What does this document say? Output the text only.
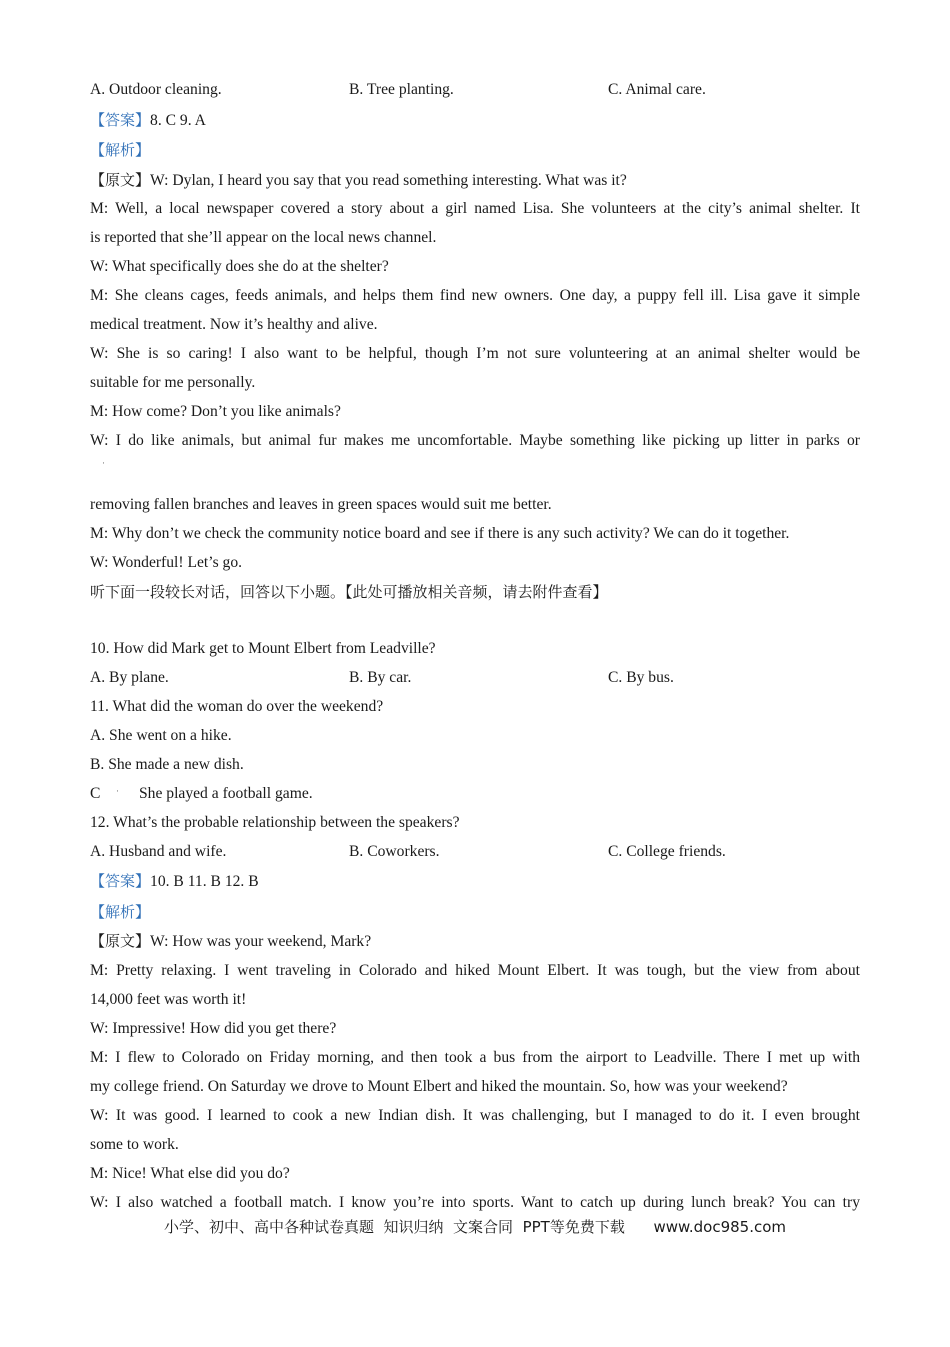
A. Outdoor cleaning.	B. Tree planting.	C. Animal care.
【答案】8. C 9. A
【解析】
【原文】W: Dylan, I heard you say that you read something interesting. What was it?
M: Well, a local newspaper covered a story about a girl named Lisa. She volunteers at the city’s animal shelter. It
is reported that she’ll appear on the local news channel.
W: What specifically does she do at the shelter?
M: She cleans cages, feeds animals, and helps them find new owners. One day, a puppy fell ill. Lisa gave it simple
medical treatment. Now it’s healthy and alive.
W: She is so caring! I also want to be helpful, though I’m not sure volunteering at an animal shelter would be
suitable for me personally.
M: How come? Don’t you like animals?
W: I do like animals, but animal fur makes me uncomfortable. Maybe something like picking up litter in parks or
·
removing fallen branches and leaves in green spaces would suit me better.
M: Why don’t we check the community notice board and see if there is any such activity? We can do it together.
W: Wonderful! Let’s go.
听下面一段较长对话，回答以下小题。【此处可播放相关音频，请去附件查看】
10. How did Mark get to Mount Elbert from Leadville?
A. By plane.	B. By car.	C. By bus.
11. What did the woman do over the weekend?
A. She went on a hike.
B. She made a new dish.
C · She played a football game.
12. What’s the probable relationship between the speakers?
A. Husband and wife.	B. Coworkers.	C. College friends.
【答案】10. B 11. B 12. B
【解析】
【原文】W: How was your weekend, Mark?
M: Pretty relaxing. I went traveling in Colorado and hiked Mount Elbert. It was tough, but the view from about
14,000 feet was worth it!
W: Impressive! How did you get there?
M: I flew to Colorado on Friday morning, and then took a bus from the airport to Leadville. There I met up with
my college friend. On Saturday we drove to Mount Elbert and hiked the mountain. So, how was your weekend?
W: It was good. I learned to cook a new Indian dish. It was challenging, but I managed to do it. I even brought
some to work.
M: Nice! What else did you do?
W: I also watched a football match. I know you’re into sports. Want to catch up during lunch break? You can try
小学、初中、高中各种试卷真题  知识归纳  文案合同  PPT等免费下载      www.doc985.com
